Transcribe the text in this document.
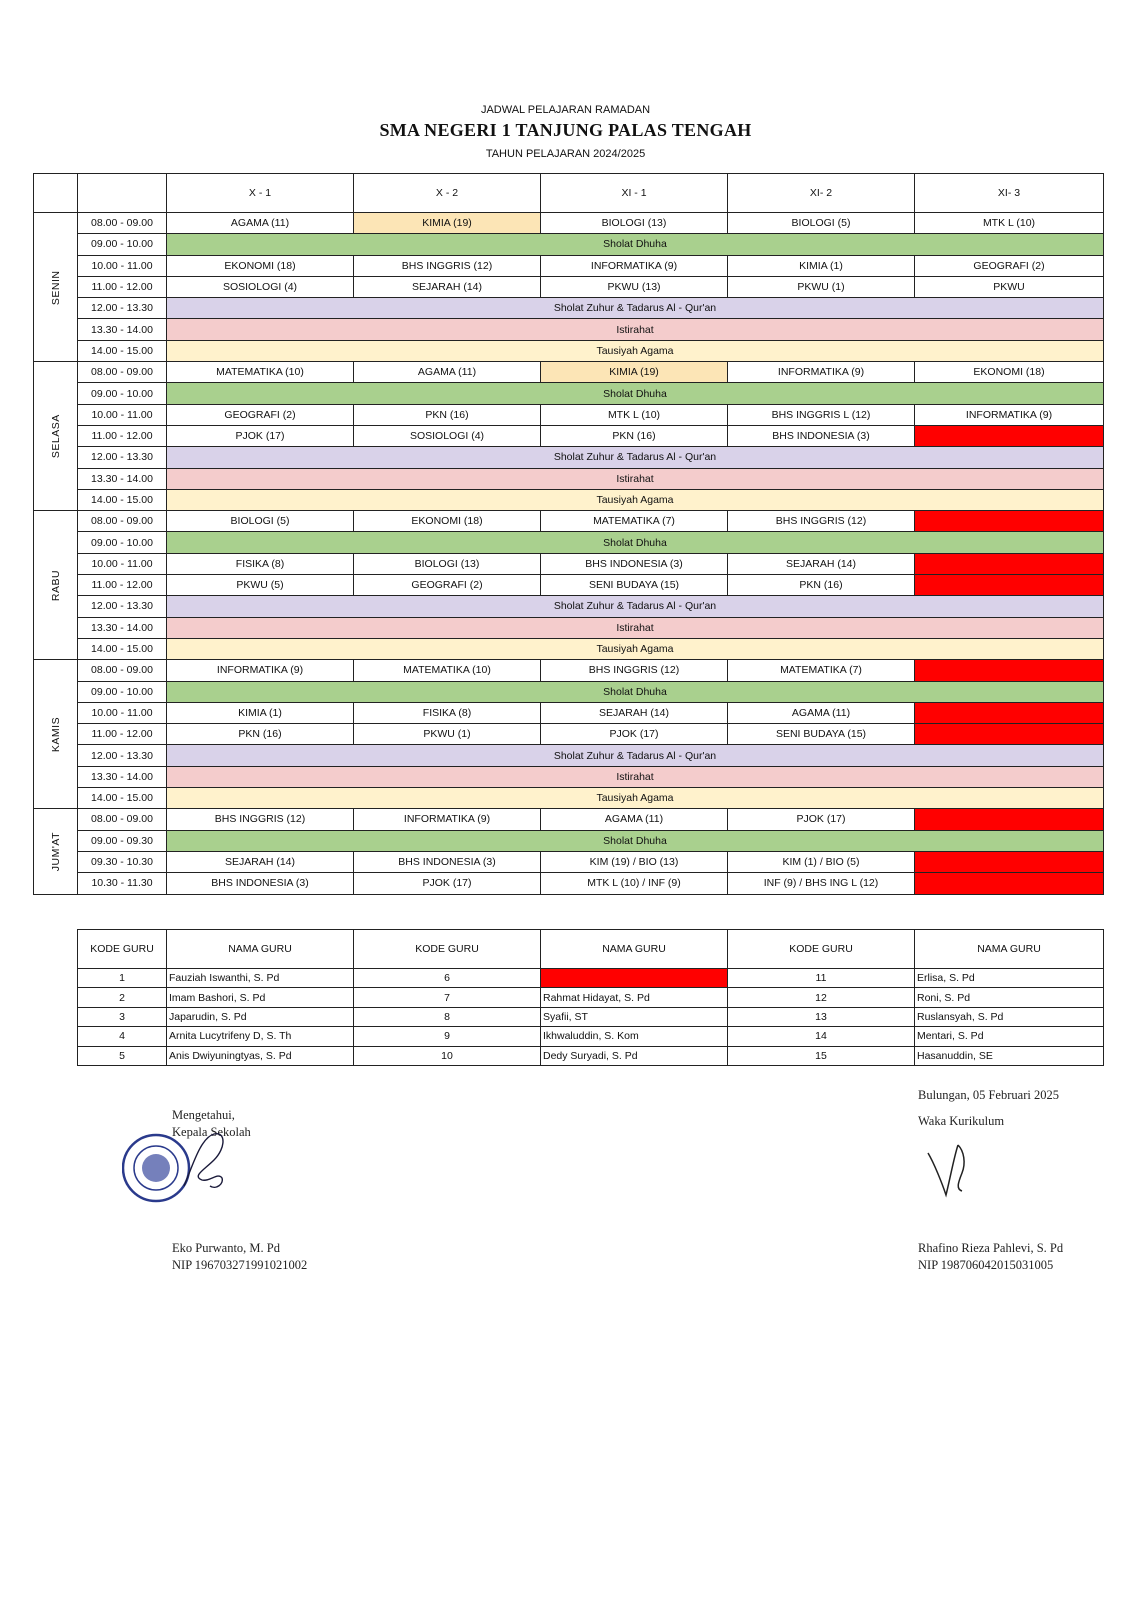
JADWAL PELAJARAN RAMADAN
SMA NEGERI 1 TANJUNG PALAS TENGAH
TAHUN PELAJARAN 2024/2025
		X - 1	X - 2	XI - 1	XI- 2	XI- 3
SENIN	08.00 - 09.00	AGAMA (11)	KIMIA (19)	BIOLOGI (13)	BIOLOGI (5)	MTK L (10)
	09.00 - 10.00	Sholat Dhuha				
	10.00 - 11.00	EKONOMI (18)	BHS INGGRIS (12)	INFORMATIKA (9)	KIMIA (1)	GEOGRAFI (2)
	11.00 - 12.00	SOSIOLOGI (4)	SEJARAH (14)	PKWU (13)	PKWU (1)	PKWU
	12.00 - 13.30	Sholat Zuhur & Tadarus Al - Qur'an				
	13.30 - 14.00	Istirahat				
	14.00 - 15.00	Tausiyah Agama				
SELASA	08.00 - 09.00	MATEMATIKA (10)	AGAMA (11)	KIMIA (19)	INFORMATIKA (9)	EKONOMI (18)
	09.00 - 10.00	Sholat Dhuha				
	10.00 - 11.00	GEOGRAFI (2)	PKN (16)	MTK L (10)	BHS INGGRIS L (12)	INFORMATIKA (9)
	11.00 - 12.00	PJOK (17)	SOSIOLOGI (4)	PKN (16)	BHS INDONESIA (3)	
	12.00 - 13.30	Sholat Zuhur & Tadarus Al - Qur'an				
	13.30 - 14.00	Istirahat				
	14.00 - 15.00	Tausiyah Agama				
RABU	08.00 - 09.00	BIOLOGI (5)	EKONOMI (18)	MATEMATIKA (7)	BHS INGGRIS (12)	
	09.00 - 10.00	Sholat Dhuha				
	10.00 - 11.00	FISIKA (8)	BIOLOGI (13)	BHS INDONESIA (3)	SEJARAH (14)	
	11.00 - 12.00	PKWU (5)	GEOGRAFI (2)	SENI BUDAYA (15)	PKN (16)	
	12.00 - 13.30	Sholat Zuhur & Tadarus Al - Qur'an				
	13.30 - 14.00	Istirahat				
	14.00 - 15.00	Tausiyah Agama				
KAMIS	08.00 - 09.00	INFORMATIKA (9)	MATEMATIKA (10)	BHS INGGRIS (12)	MATEMATIKA (7)	
	09.00 - 10.00	Sholat Dhuha				
	10.00 - 11.00	KIMIA (1)	FISIKA (8)	SEJARAH (14)	AGAMA (11)	
	11.00 - 12.00	PKN (16)	PKWU (1)	PJOK (17)	SENI BUDAYA (15)	
	12.00 - 13.30	Sholat Zuhur & Tadarus Al - Qur'an				
	13.30 - 14.00	Istirahat				
	14.00 - 15.00	Tausiyah Agama				
JUM'AT	08.00 - 09.00	BHS INGGRIS (12)	INFORMATIKA (9)	AGAMA (11)	PJOK (17)	
	09.00 - 09.30	Sholat Dhuha				
	09.30 - 10.30	SEJARAH (14)	BHS INDONESIA (3)	KIM (19) / BIO (13)	KIM (1) / BIO (5)	
	10.30 - 11.30	BHS INDONESIA (3)	PJOK (17)	MTK L (10) / INF (9)	INF (9) / BHS ING L (12)	
KODE GURU	NAMA GURU	KODE GURU	NAMA GURU	KODE GURU	NAMA GURU
1	Fauziah Iswanthi, S. Pd	6		11	Erlisa, S. Pd
2	Imam Bashori, S. Pd	7	Rahmat Hidayat, S. Pd	12	Roni, S. Pd
3	Japarudin, S. Pd	8	Syafii, ST	13	Ruslansyah, S. Pd
4	Arnita Lucytrifeny D, S. Th	9	Ikhwaluddin, S. Kom	14	Mentari, S. Pd
5	Anis Dwiyuningtyas, S. Pd	10	Dedy Suryadi, S. Pd	15	Hasanuddin, SE
Mengetahui,
Kepala Sekolah
Eko Purwanto, M. Pd
NIP 196703271991021002
Bulungan, 05 Februari 2025
Waka Kurikulum
Rhafino Rieza Pahlevi, S. Pd
NIP 198706042015031005
